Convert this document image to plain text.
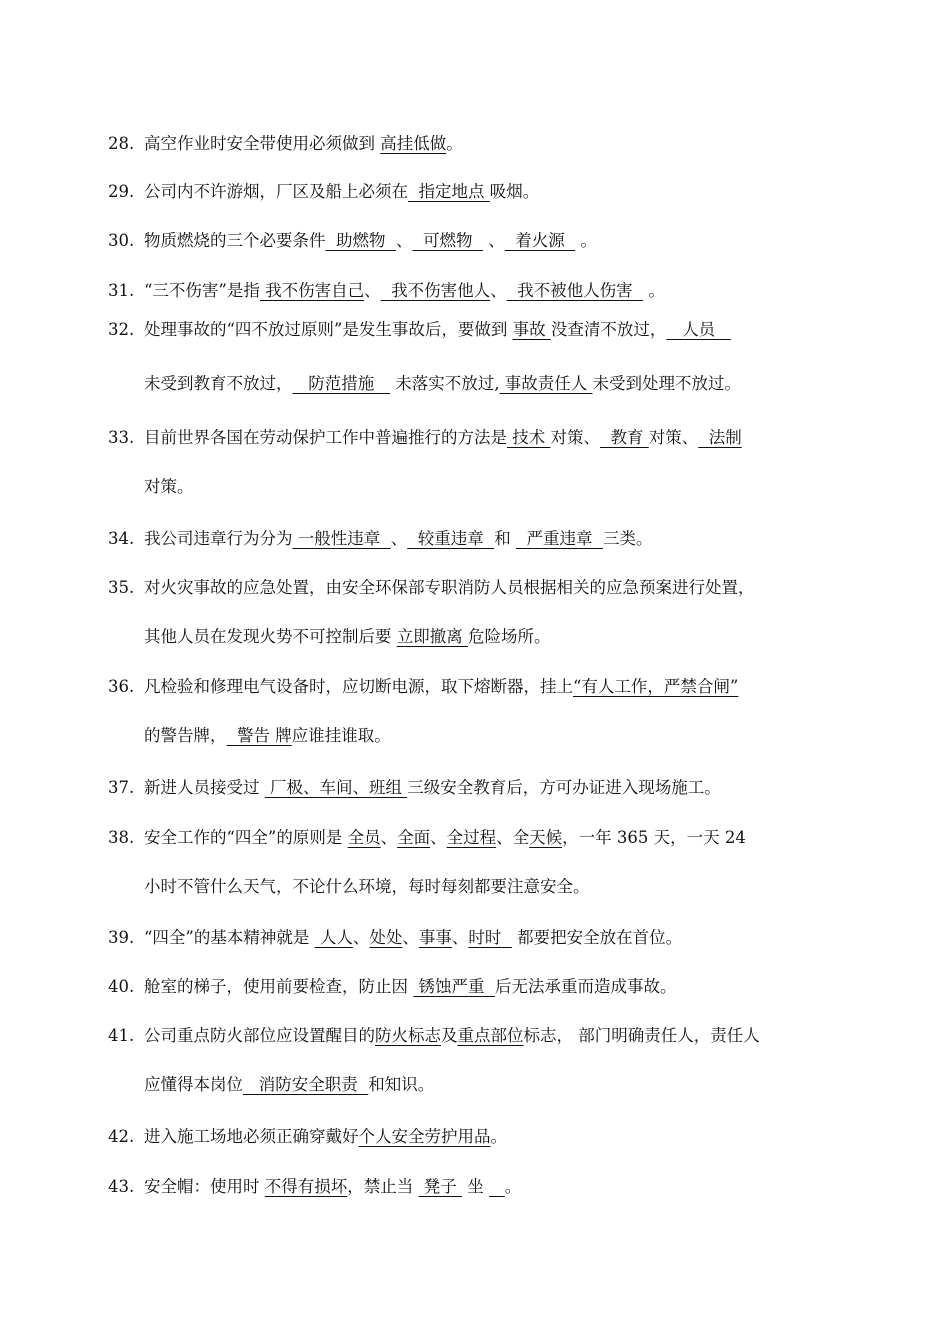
28. 高空作业时安全带使用必须做到 高挂低做。
29. 公司内不许游烟，厂区及船上必须在  指定地点 吸烟。
30. 物质燃烧的三个必要条件  助燃物  、  可燃物   、  着火源   。
31. “三不伤害”是指 我不伤害自己、  我不伤害他人、  我不被他人伤害   。
32. 处理事故的“四不放过原则”是发生事故后，要做到 事故 没查清不放过，   人员
未受到教育不放过，   防范措施    未落实不放过, 事故责任人 未受到处理不放过。
33. 目前世界各国在劳动保护工作中普遍推行的方法是 技术 对策、  教育 对策、  法制
对策。
34. 我公司违章行为分为 一般性违章  、  较重违章  和   严重违章  三类。
35. 对火灾事故的应急处置，由安全环保部专职消防人员根据相关的应急预案进行处置，
其他人员在发现火势不可控制后要 立即撤离 危险场所。
36. 凡检验和修理电气设备时，应切断电源，取下熔断器，挂上“有人工作，严禁合闸”
的警告牌，  警告 牌应谁挂谁取。
37. 新进人员接受过  厂极、车间、班组 三级安全教育后，方可办证进入现场施工。
38. 安全工作的“四全”的原则是 全员、全面、全过程、全天候，一年 365 天，一天 24
小时不管什么天气，不论什么环境，每时每刻都要注意安全。
39. “四全”的基本精神就是  人人、处处、事事、时时   都要把安全放在首位。
40. 舱室的梯子，使用前要检查，防止因  锈蚀严重  后无法承重而造成事故。
41. 公司重点防火部位应设置醒目的防火标志及重点部位标志， 部门明确责任人，责任人
应懂得本岗位   消防安全职责  和知识。
42. 进入施工场地必须正确穿戴好个人安全劳护用品。
43. 安全帽：使用时 不得有损坏，禁止当  凳子  坐    。
